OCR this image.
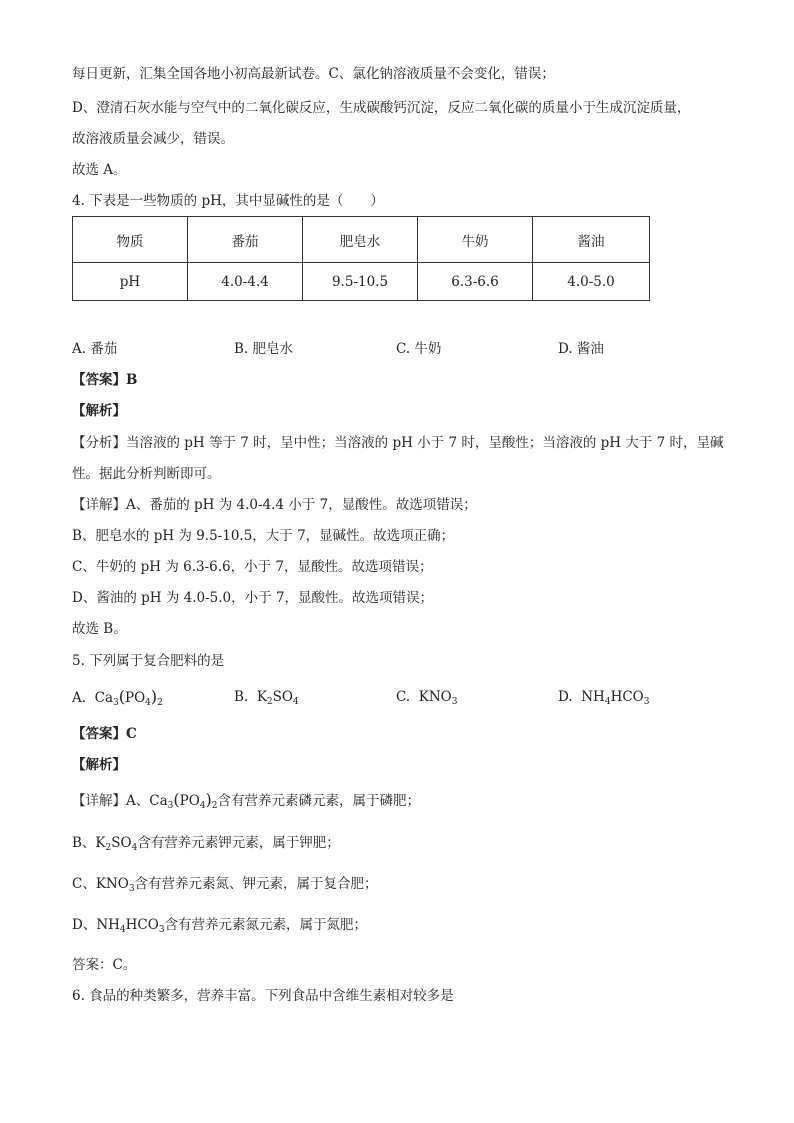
每日更新，汇集全国各地小初高最新试卷。C、氯化钠溶液质量不会变化，错误；
D、澄清石灰水能与空气中的二氧化碳反应，生成碳酸钙沉淀，反应二氧化碳的质量小于生成沉淀质量，
故溶液质量会减少，错误。
故选 A。
4. 下表是一些物质的 pH，其中显碱性的是（　　）
物质	番茄	肥皂水	牛奶	酱油
pH	4.0-4.4	9.5-10.5	6.3-6.6	4.0-5.0
A. 番茄	B. 肥皂水	C. 牛奶	D. 酱油
【答案】B
【解析】
【分析】当溶液的 pH 等于 7 时，呈中性；当溶液的 pH 小于 7 时，呈酸性；当溶液的 pH 大于 7 时，呈碱
性。据此分析判断即可。
【详解】A、番茄的 pH 为 4.0-4.4 小于 7，显酸性。故选项错误；
B、肥皂水的 pH 为 9.5-10.5，大于 7，显碱性。故选项正确；
C、牛奶的 pH 为 6.3-6.6，小于 7，显酸性。故选项错误；
D、酱油的 pH 为 4.0-5.0，小于 7，显酸性。故选项错误；
故选 B。
5. 下列属于复合肥料的是
A. $Ca_3(PO_4)_2$	B. $K_2SO_4$	C. $KNO_3$	D. $NH_4HCO_3$
【答案】C
【解析】
【详解】A、$Ca_3(PO_4)_2$含有营养元素磷元素，属于磷肥；
B、$K_2SO_4$含有营养元素钾元素，属于钾肥；
C、$KNO_3$含有营养元素氮、钾元素，属于复合肥；
D、$NH_4HCO_3$含有营养元素氮元素，属于氮肥；
答案：C。
6. 食品的种类繁多，营养丰富。下列食品中含维生素相对较多是
